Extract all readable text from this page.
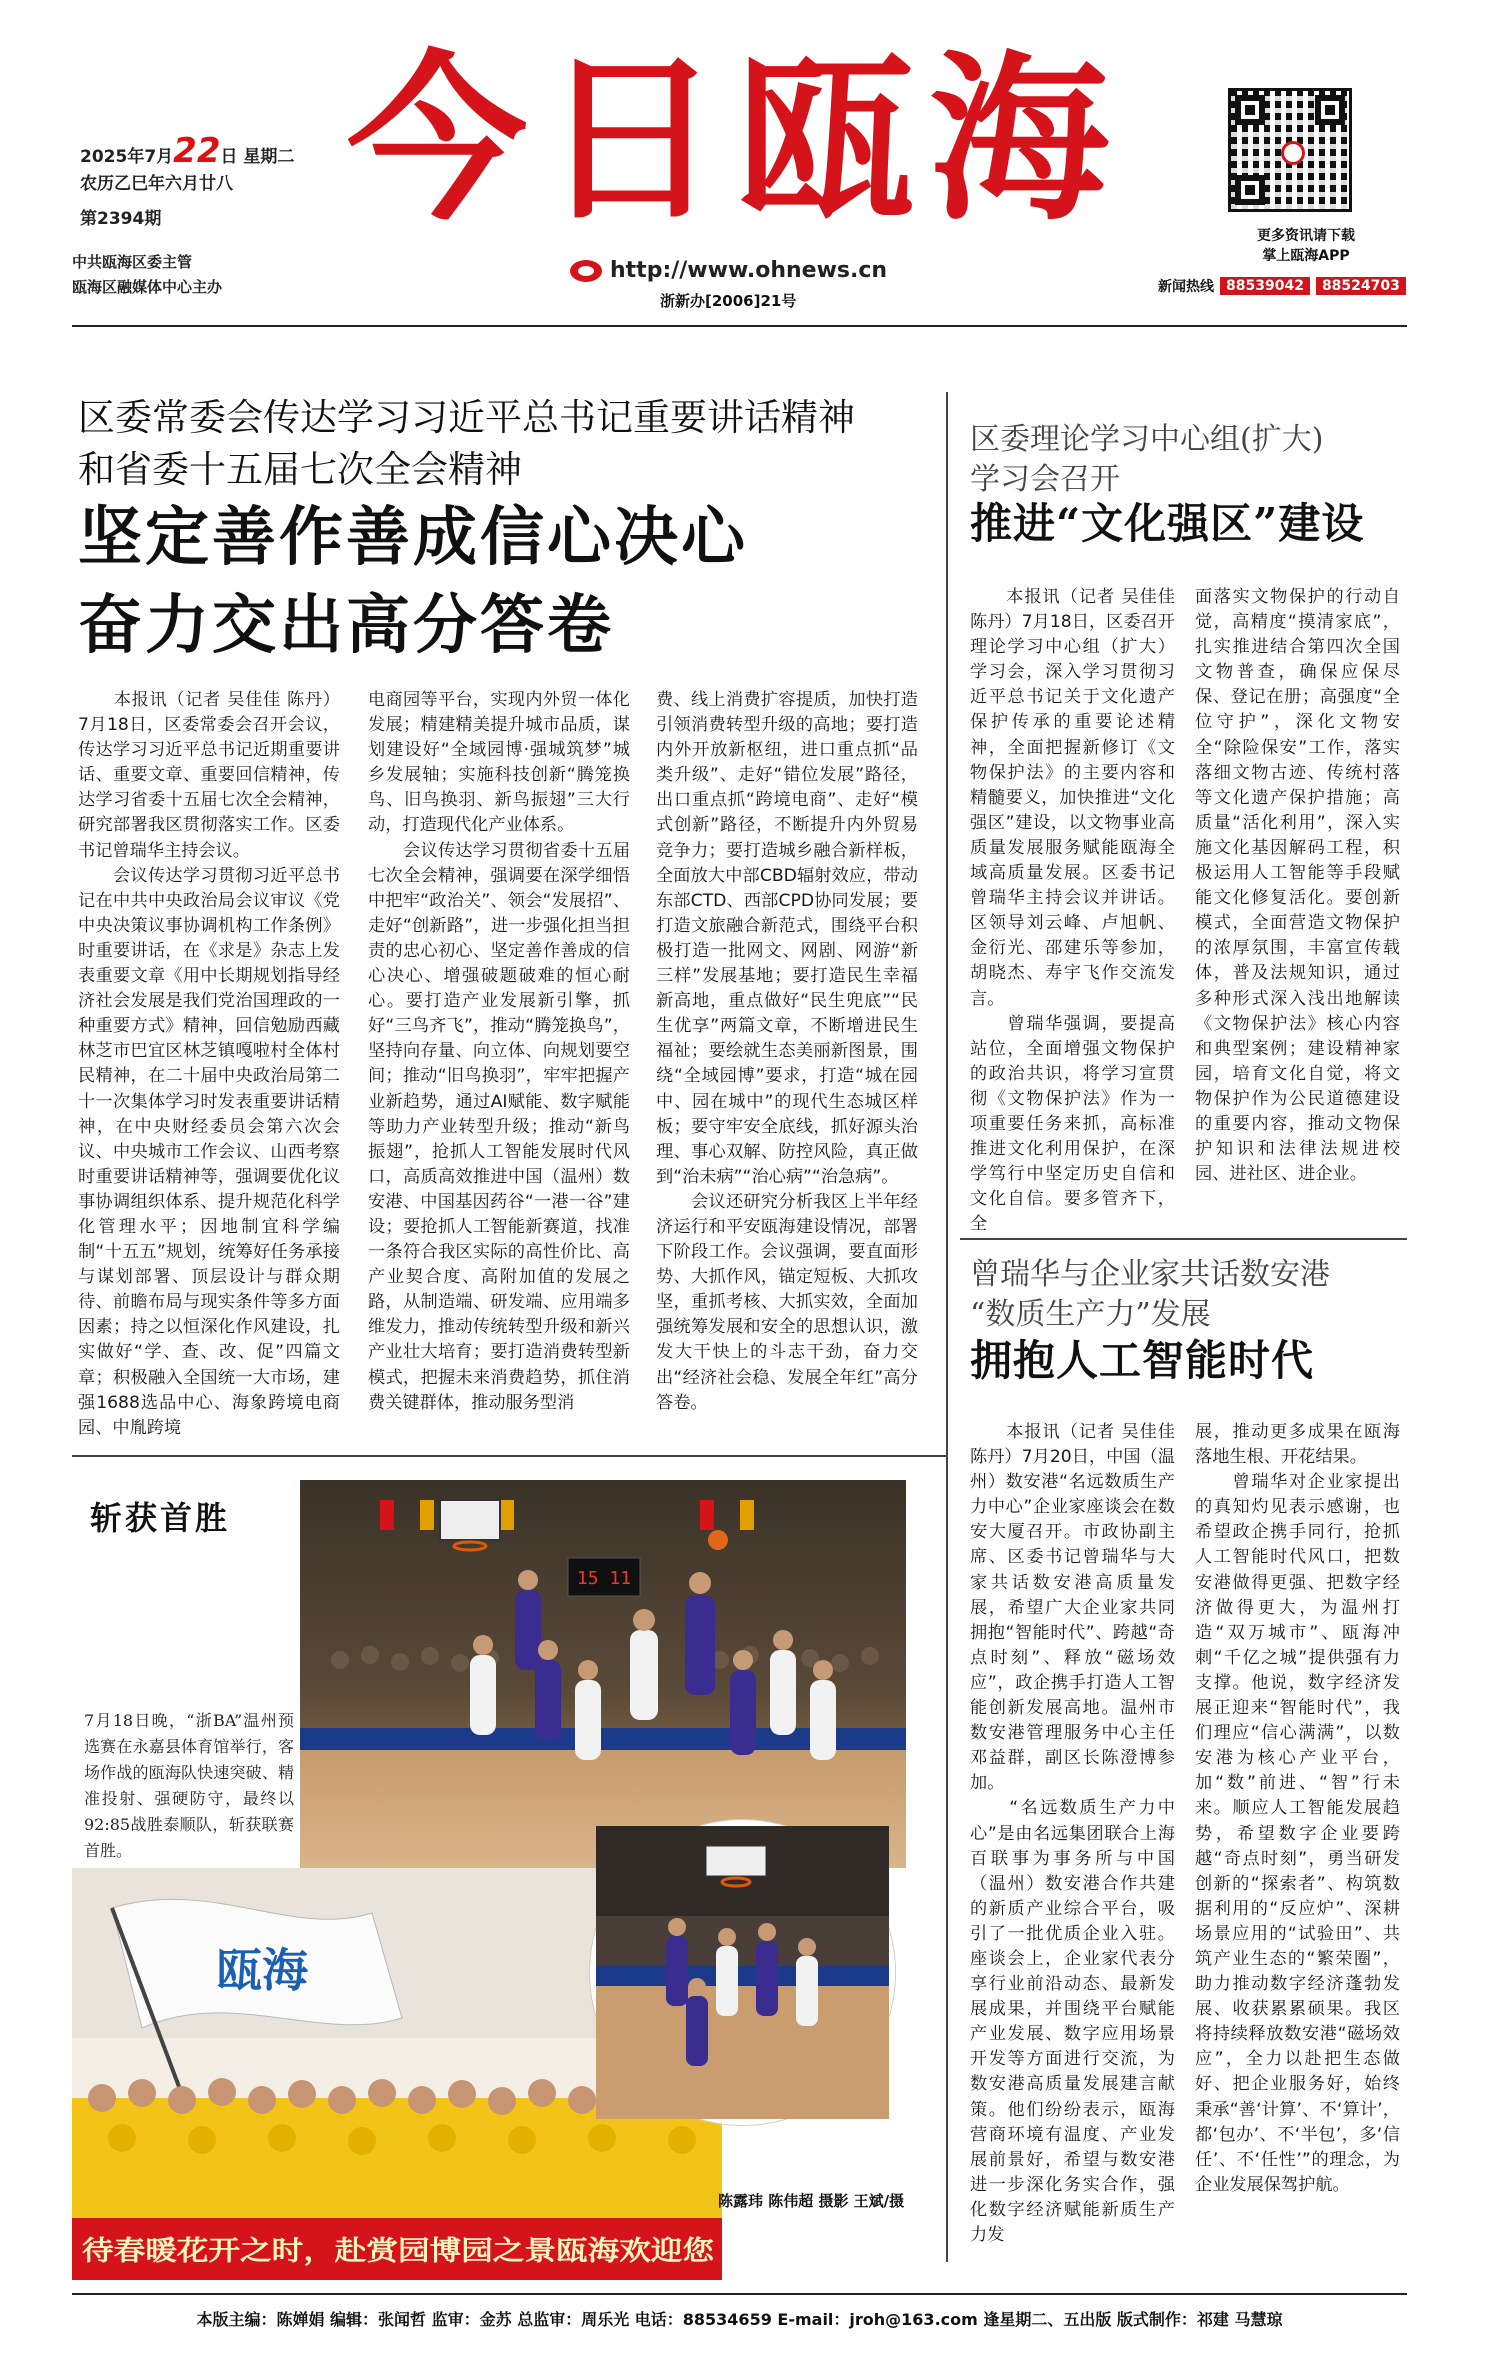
2025年7月22日 星期二
农历乙巳年六月廿八
第2394期
中共瓯海区委主管
瓯海区融媒体中心主办
今日瓯海
http://www.ohnews.cn
浙新办[2006]21号
更多资讯请下载
掌上瓯海APP
新闻热线 88539042	88524703
区委常委会传达学习习近平总书记重要讲话精神
和省委十五届七次全会精神
坚定善作善成信心决心
奋力交出高分答卷
　　本报讯（记者 吴佳佳 陈丹）7月18日，区委常委会召开会议，传达学习习近平总书记近期重要讲话、重要文章、重要回信精神，传达学习省委十五届七次全会精神，研究部署我区贯彻落实工作。区委书记曾瑞华主持会议。
　　会议传达学习贯彻习近平总书记在中共中央政治局会议审议《党中央决策议事协调机构工作条例》时重要讲话，在《求是》杂志上发表重要文章《用中长期规划指导经济社会发展是我们党治国理政的一种重要方式》精神，回信勉励西藏林芝市巴宜区林芝镇嘎啦村全体村民精神，在二十届中央政治局第二十一次集体学习时发表重要讲话精神，在中央财经委员会第六次会议、中央城市工作会议、山西考察时重要讲话精神等，强调要优化议事协调组织体系、提升规范化科学化管理水平；因地制宜科学编制“十五五”规划，统筹好任务承接与谋划部署、顶层设计与群众期待、前瞻布局与现实条件等多方面因素；持之以恒深化作风建设，扎实做好“学、查、改、促”四篇文章；积极融入全国统一大市场，建强1688选品中心、海象跨境电商园、中胤跨境
电商园等平台，实现内外贸一体化发展；精建精美提升城市品质，谋划建设好“全域园博·强城筑梦”城乡发展轴；实施科技创新“腾笼换鸟、旧鸟换羽、新鸟振翅”三大行动，打造现代化产业体系。
　　会议传达学习贯彻省委十五届七次全会精神，强调要在深学细悟中把牢“政治关”、领会“发展招”、走好“创新路”，进一步强化担当担责的忠心初心、坚定善作善成的信心决心、增强破题破难的恒心耐心。要打造产业发展新引擎，抓好“三鸟齐飞”，推动“腾笼换鸟”，坚持向存量、向立体、向规划要空间；推动“旧鸟换羽”，牢牢把握产业新趋势，通过AI赋能、数字赋能等助力产业转型升级；推动“新鸟振翅”，抢抓人工智能发展时代风口，高质高效推进中国（温州）数安港、中国基因药谷“一港一谷”建设；要抢抓人工智能新赛道，找准一条符合我区实际的高性价比、高产业契合度、高附加值的发展之路，从制造端、研发端、应用端多维发力，推动传统转型升级和新兴产业壮大培育；要打造消费转型新模式，把握未来消费趋势，抓住消费关键群体，推动服务型消
费、线上消费扩容提质，加快打造引领消费转型升级的高地；要打造内外开放新枢纽，进口重点抓“品类升级”、走好“错位发展”路径，出口重点抓“跨境电商”、走好“模式创新”路径，不断提升内外贸易竞争力；要打造城乡融合新样板，全面放大中部CBD辐射效应，带动东部CTD、西部CPD协同发展；要打造文旅融合新范式，围绕平台积极打造一批网文、网剧、网游“新三样”发展基地；要打造民生幸福新高地，重点做好“民生兜底”“民生优享”两篇文章，不断增进民生福祉；要绘就生态美丽新图景，围绕“全域园博”要求，打造“城在园中、园在城中”的现代生态城区样板；要守牢安全底线，抓好源头治理、事心双解、防控风险，真正做到“治未病”“治心病”“治急病”。
　　会议还研究分析我区上半年经济运行和平安瓯海建设情况，部署下阶段工作。会议强调，要直面形势、大抓作风，锚定短板、大抓攻坚，重抓考核、大抓实效，全面加强统筹发展和安全的思想认识，激发大干快上的斗志干劲，奋力交出“经济社会稳、发展全年红”高分答卷。
区委理论学习中心组(扩大)
学习会召开
推进“文化强区”建设
　　本报讯（记者 吴佳佳 陈丹）7月18日，区委召开理论学习中心组（扩大）学习会，深入学习贯彻习近平总书记关于文化遗产保护传承的重要论述精神，全面把握新修订《文物保护法》的主要内容和精髓要义，加快推进“文化强区”建设，以文物事业高质量发展服务赋能瓯海全域高质量发展。区委书记曾瑞华主持会议并讲话。区领导刘云峰、卢旭帆、金衍光、邵建乐等参加，胡晓杰、寿宇飞作交流发言。
　　曾瑞华强调，要提高站位，全面增强文物保护的政治共识，将学习宣贯彻《文物保护法》作为一项重要任务来抓，高标准推进文化利用保护，在深学笃行中坚定历史自信和文化自信。要多管齐下，全
面落实文物保护的行动自觉，高精度“摸清家底”，扎实推进结合第四次全国文物普查，确保应保尽保、登记在册；高强度“全位守护”，深化文物安全“除险保安”工作，落实落细文物古迹、传统村落等文化遗产保护措施；高质量“活化利用”，深入实施文化基因解码工程，积极运用人工智能等手段赋能文化修复活化。要创新模式，全面营造文物保护的浓厚氛围，丰富宣传载体，普及法规知识，通过多种形式深入浅出地解读《文物保护法》核心内容和典型案例；建设精神家园，培育文化自觉，将文物保护作为公民道德建设的重要内容，推动文物保护知识和法律法规进校园、进社区、进企业。
曾瑞华与企业家共话数安港
“数质生产力”发展
拥抱人工智能时代
　　本报讯（记者 吴佳佳 陈丹）7月20日，中国（温州）数安港“名远数质生产力中心”企业家座谈会在数安大厦召开。市政协副主席、区委书记曾瑞华与大家共话数安港高质量发展，希望广大企业家共同拥抱“智能时代”、跨越“奇点时刻”、释放“磁场效应”，政企携手打造人工智能创新发展高地。温州市数安港管理服务中心主任邓益群，副区长陈澄博参加。
　　“名远数质生产力中心”是由名远集团联合上海百联事为事务所与中国（温州）数安港合作共建的新质产业综合平台，吸引了一批优质企业入驻。座谈会上，企业家代表分享行业前沿动态、最新发展成果，并围绕平台赋能产业发展、数字应用场景开发等方面进行交流，为数安港高质量发展建言献策。他们纷纷表示，瓯海营商环境有温度、产业发展前景好，希望与数安港进一步深化务实合作，强化数字经济赋能新质生产力发
展，推动更多成果在瓯海落地生根、开花结果。
　　曾瑞华对企业家提出的真知灼见表示感谢，也希望政企携手同行，抢抓人工智能时代风口，把数安港做得更强、把数字经济做得更大，为温州打造“双万城市”、瓯海冲刺“千亿之城”提供强有力支撑。他说，数字经济发展正迎来“智能时代”，我们理应“信心满满”，以数安港为核心产业平台，加“数”前进、“智”行未来。顺应人工智能发展趋势，希望数字企业要跨越“奇点时刻”，勇当研发创新的“探索者”、构筑数据利用的“反应炉”、深耕场景应用的“试验田”、共筑产业生态的“繁荣圈”，助力推动数字经济蓬勃发展、收获累累硕果。我区将持续释放数安港“磁场效应”，全力以赴把生态做好、把企业服务好，始终秉承“善‘计算’、不‘算计’，都‘包办’、不‘半包’，多‘信任’、不‘任性’”的理念，为企业发展保驾护航。
斩获首胜
7月18日晚，“浙BA”温州预选赛在永嘉县体育馆举行，客场作战的瓯海队快速突破、精准投射、强硬防守，最终以92:85战胜泰顺队，斩获联赛首胜。
15 11
瓯海
待春暖花开之时，赴赏园博园之景瓯海欢迎您
陈露玮 陈伟超 摄影 王斌/摄
本版主编：陈婵娟 编辑：张闻哲 监审：金苏 总监审：周乐光 电话：88534659 E-mail：jroh@163.com 逢星期二、五出版 版式制作：祁建 马慧琼
